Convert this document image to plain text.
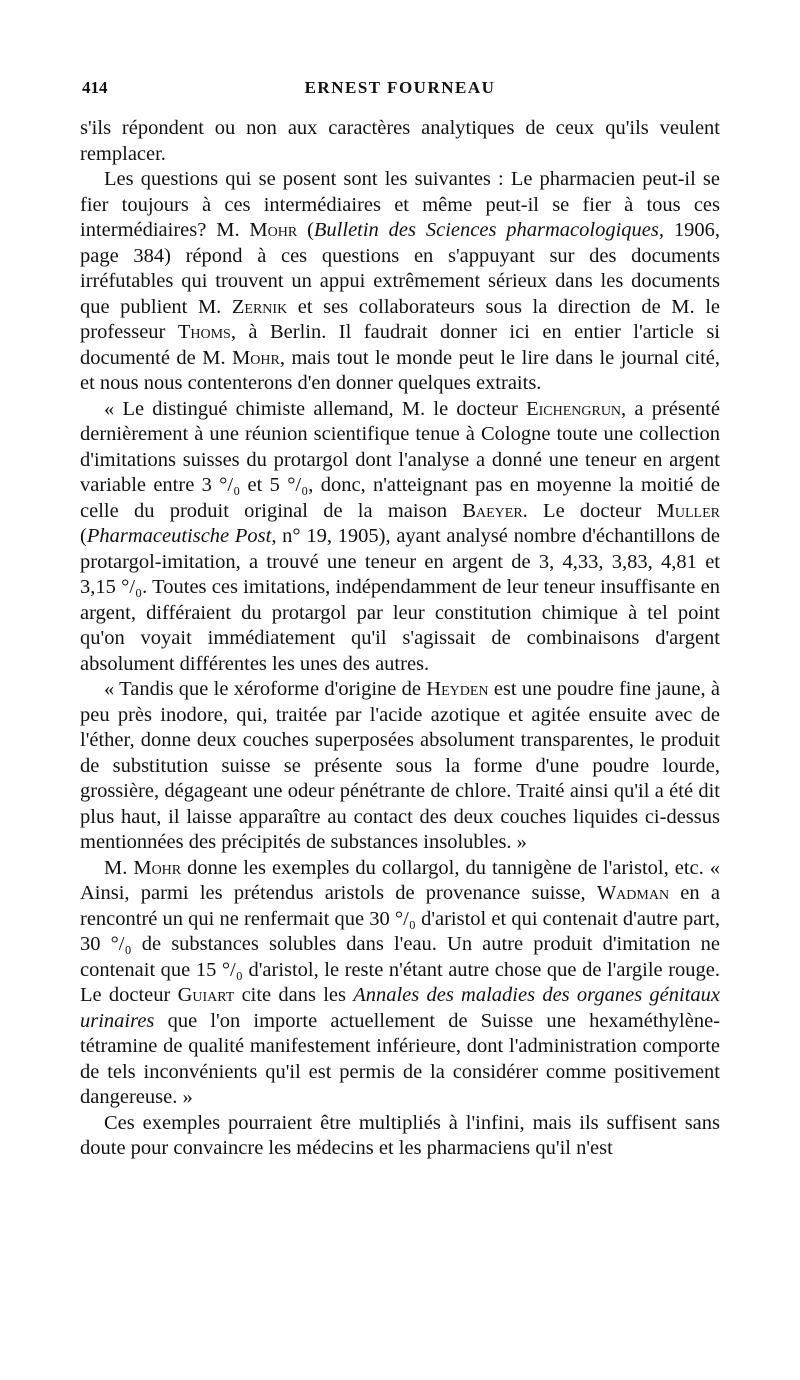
414	ERNEST FOURNEAU

s'ils répondent ou non aux caractères analytiques de ceux qu'ils veulent remplacer.

Les questions qui se posent sont les suivantes : Le pharmacien peut-il se fier toujours à ces intermédiaires et même peut-il se fier à tous ces intermédiaires? M. Mohr (Bulletin des Sciences pharmacologiques, 1906, page 384) répond à ces questions en s'appuyant sur des documents irréfutables qui trouvent un appui extrêmement sérieux dans les documents que publient M. Zernik et ses collaborateurs sous la direction de M. le professeur Thoms, à Berlin. Il faudrait donner ici en entier l'article si documenté de M. Mohr, mais tout le monde peut le lire dans le journal cité, et nous nous contenterons d'en donner quelques extraits.

« Le distingué chimiste allemand, M. le docteur Eichengrun, a présenté dernièrement à une réunion scientifique tenue à Cologne toute une collection d'imitations suisses du protargol dont l'analyse a donné une teneur en argent variable entre 3 °/₀ et 5 °/₀, donc, n'atteignant pas en moyenne la moitié de celle du produit original de la maison Baeyer. Le docteur Muller (Pharmaceutische Post, n° 19, 1905), ayant analysé nombre d'échantillons de protargol-imitation, a trouvé une teneur en argent de 3, 4,33, 3,83, 4,81 et 3,15 °/₀. Toutes ces imitations, indépendamment de leur teneur insuffisante en argent, différaient du protargol par leur constitution chimique à tel point qu'on voyait immédiatement qu'il s'agissait de combinaisons d'argent absolument différentes les unes des autres.

« Tandis que le xéroforme d'origine de Heyden est une poudre fine jaune, à peu près inodore, qui, traitée par l'acide azotique et agitée ensuite avec de l'éther, donne deux couches superposées absolument transparentes, le produit de substitution suisse se présente sous la forme d'une poudre lourde, grossière, dégageant une odeur pénétrante de chlore. Traité ainsi qu'il a été dit plus haut, il laisse apparaître au contact des deux couches liquides ci-dessus mentionnées des précipités de substances insolubles. »

M. Mohr donne les exemples du collargol, du tannigène de l'aristol, etc. « Ainsi, parmi les prétendus aristols de provenance suisse, Wadman en a rencontré un qui ne renfermait que 30 °/₀ d'aristol et qui contenait d'autre part, 30 °/₀ de substances solubles dans l'eau. Un autre produit d'imitation ne contenait que 15 °/₀ d'aristol, le reste n'étant autre chose que de l'argile rouge. Le docteur Guiart cite dans les Annales des maladies des organes génitaux urinaires que l'on importe actuellement de Suisse une hexaméthylène-tétramine de qualité manifestement inférieure, dont l'administration comporte de tels inconvénients qu'il est permis de la considérer comme positivement dangereuse. »

Ces exemples pourraient être multipliés à l'infini, mais ils suffisent sans doute pour convaincre les médecins et les pharmaciens qu'il n'est
